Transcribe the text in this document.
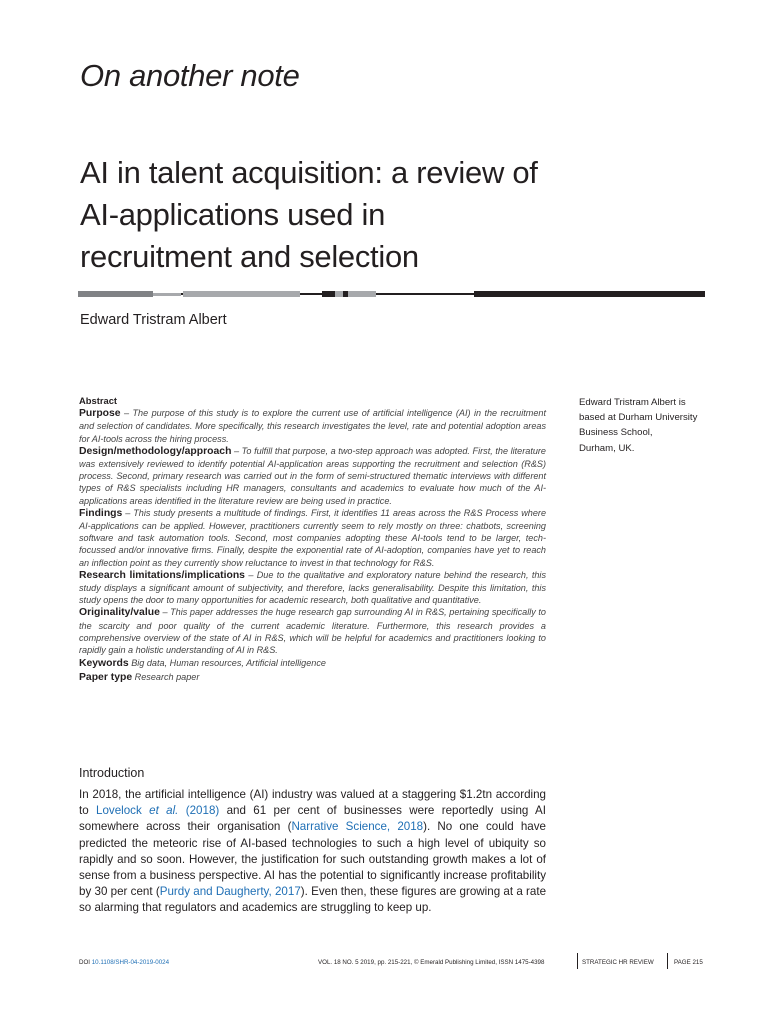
On another note
AI in talent acquisition: a review of
AI-applications used in
recruitment and selection
Edward Tristram Albert
Edward Tristram Albert is
based at Durham University
Business School,
Durham, UK.
Abstract

Purpose – The purpose of this study is to explore the current use of artificial intelligence (AI) in the recruitment and selection of candidates. More specifically, this research investigates the level, rate and potential adoption areas for AI-tools across the hiring process.

Design/methodology/approach – To fulfill that purpose, a two-step approach was adopted. First, the literature was extensively reviewed to identify potential AI-application areas supporting the recruitment and selection (R&S) process. Second, primary research was carried out in the form of semi-structured thematic interviews with different types of R&S specialists including HR managers, consultants and academics to evaluate how much of the AI-applications areas identified in the literature review are being used in practice.

Findings – This study presents a multitude of findings. First, it identifies 11 areas across the R&S Process where AI-applications can be applied. However, practitioners currently seem to rely mostly on three: chatbots, screening software and task automation tools. Second, most companies adopting these AI-tools tend to be larger, tech-focussed and/or innovative firms. Finally, despite the exponential rate of AI-adoption, companies have yet to reach an inflection point as they currently show reluctance to invest in that technology for R&S.

Research limitations/implications – Due to the qualitative and exploratory nature behind the research, this study displays a significant amount of subjectivity, and therefore, lacks generalisability. Despite this limitation, this study opens the door to many opportunities for academic research, both qualitative and quantitative.

Originality/value – This paper addresses the huge research gap surrounding AI in R&S, pertaining specifically to the scarcity and poor quality of the current academic literature. Furthermore, this research provides a comprehensive overview of the state of AI in R&S, which will be helpful for academics and practitioners looking to rapidly gain a holistic understanding of AI in R&S.

Keywords Big data, Human resources, Artificial intelligence

Paper type Research paper

Introduction

In 2018, the artificial intelligence (AI) industry was valued at a staggering $1.2tn according to Lovelock et al. (2018) and 61 per cent of businesses were reportedly using AI somewhere across their organisation (Narrative Science, 2018). No one could have predicted the meteoric rise of AI-based technologies to such a high level of ubiquity so rapidly and so soon. However, the justification for such outstanding growth makes a lot of sense from a business perspective. AI has the potential to significantly increase profitability by 30 per cent (Purdy and Daugherty, 2017). Even then, these figures are growing at a rate so alarming that regulators and academics are struggling to keep up.

DOI 10.1108/SHR-04-2019-0024	VOL. 18 NO. 5 2019, pp. 215-221, © Emerald Publishing Limited, ISSN 1475-4398	STRATEGIC HR REVIEW	PAGE 215
